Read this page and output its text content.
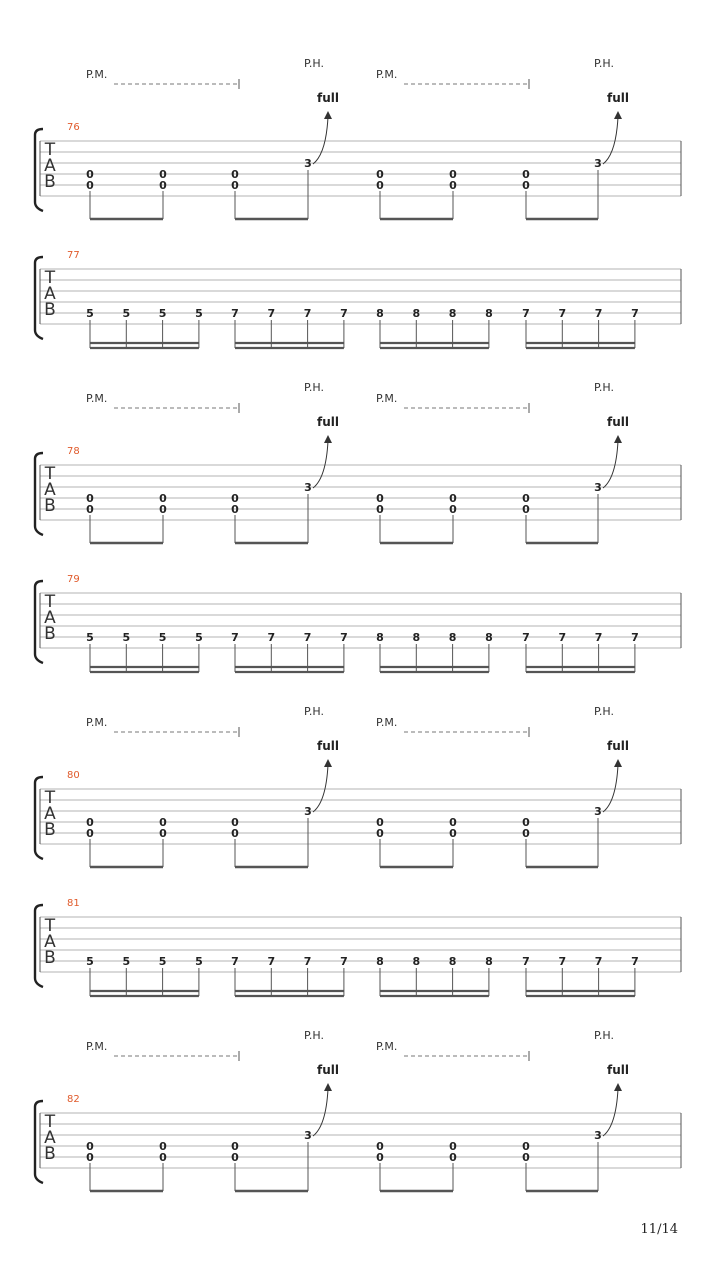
T
A
B
76
P.M.
P.H.
full
P.M.
P.H.
full
0
0
0
0
0
0
3
0
0
0
0
0
0
3
T
A
B
77
5	5	5	5	7	7	7	7	8	8	8	8	7	7	7	7
T
A
B
78
P.M.
P.H.
full
P.M.
P.H.
full
0
0
0
0
0
0
3
0
0
0
0
0
0
3
T
A
B
79
5	5	5	5	7	7	7	7	8	8	8	8	7	7	7	7
T
A
B
80
P.M.
P.H.
full
P.M.
P.H.
full
0
0
0
0
0
0
3
0
0
0
0
0
0
3
T
A
B
81
5	5	5	5	7	7	7	7	8	8	8	8	7	7	7	7
T
A
B
82
P.M.
P.H.
full
P.M.
P.H.
full
0
0
0
0
0
0
3
0
0
0
0
0
0
3
11/14
